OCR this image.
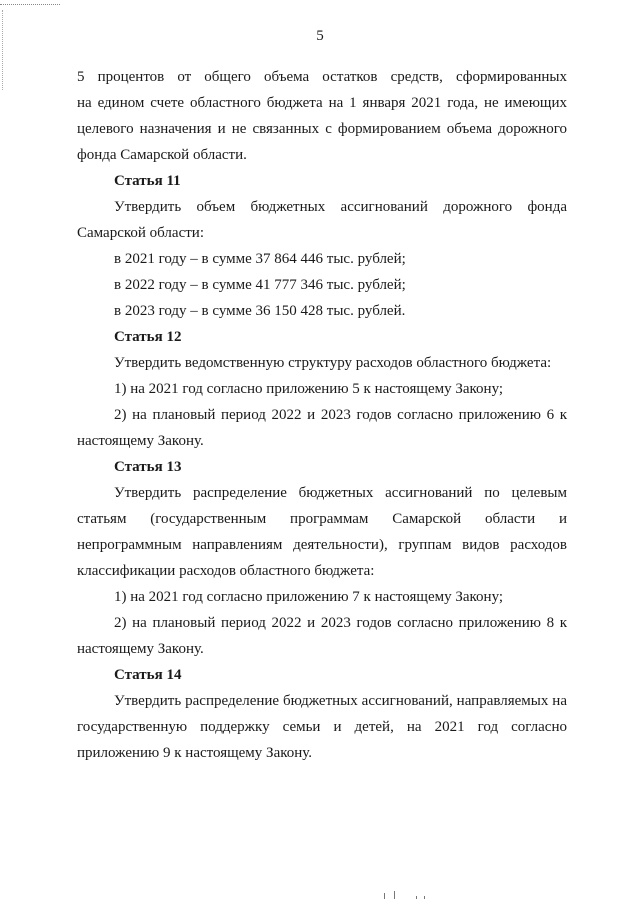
5

5 процентов от общего объема остатков средств, сформированных

на едином счете областного бюджета на 1 января 2021 года, не имеющих целевого назначения и не связанных с формированием объема дорожного фонда Самарской области.

Статья 11

Утвердить объем бюджетных ассигнований дорожного фонда Самарской области:

в 2021 году – в сумме 37 864 446 тыс. рублей;

в 2022 году – в сумме 41 777 346 тыс. рублей;

в 2023 году – в сумме 36 150 428 тыс. рублей.

Статья 12

Утвердить ведомственную структуру расходов областного бюджета:

1) на 2021 год согласно приложению 5 к настоящему Закону;

2) на плановый период 2022 и 2023 годов согласно приложению 6 к настоящему Закону.

Статья 13

Утвердить распределение бюджетных ассигнований по целевым статьям (государственным программам Самарской области и непрограммным направлениям деятельности), группам видов расходов классификации расходов областного бюджета:

1) на 2021 год согласно приложению 7 к настоящему Закону;

2) на плановый период 2022 и 2023 годов согласно приложению 8 к настоящему Закону.

Статья 14

Утвердить распределение бюджетных ассигнований, направляемых на государственную поддержку семьи и детей, на 2021 год согласно приложению 9 к настоящему Закону.
